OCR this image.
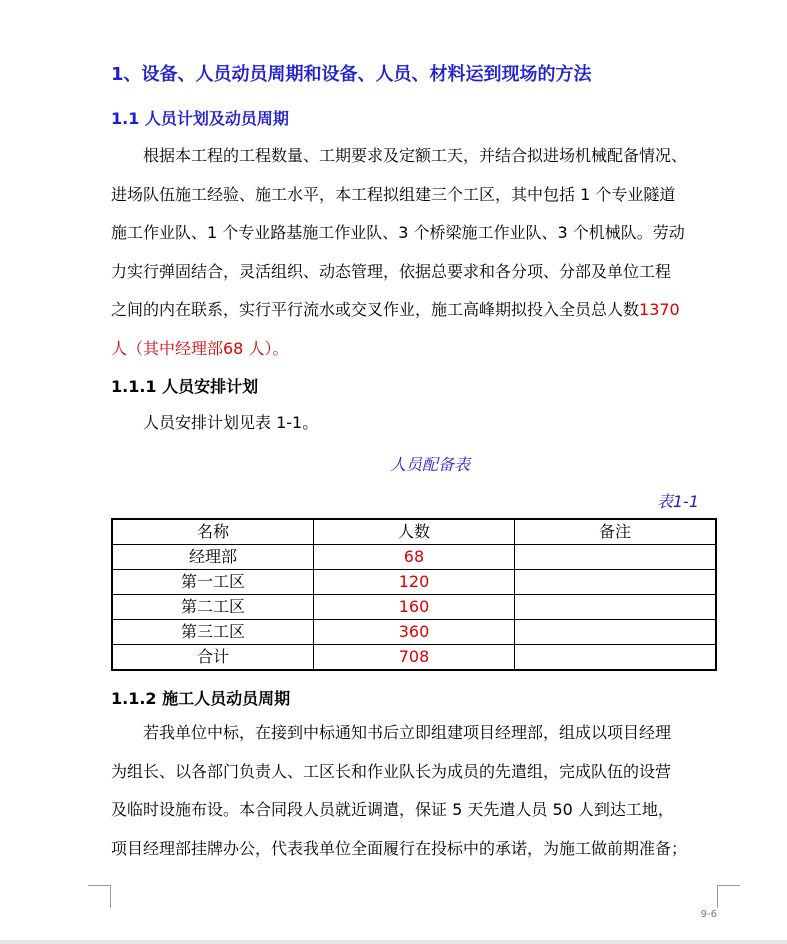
1、设备、人员动员周期和设备、人员、材料运到现场的方法
1.1 人员计划及动员周期
根据本工程的工程数量、工期要求及定额工天，并结合拟进场机械配备情况、
进场队伍施工经验、施工水平，本工程拟组建三个工区，其中包括 1 个专业隧道
施工作业队、1 个专业路基施工作业队、3 个桥梁施工作业队、3 个机械队。劳动
力实行弹固结合，灵活组织、动态管理，依据总要求和各分项、分部及单位工程
之间的内在联系，实行平行流水或交叉作业，施工高峰期拟投入全员总人数1370
人（其中经理部68 人）。
1.1.1 人员安排计划
人员安排计划见表 1-1。
人员配备表
表1-1
名称	人数	备注
经理部	68	
第一工区	120	
第二工区	160	
第三工区	360	
合计	708	
1.1.2 施工人员动员周期
若我单位中标，在接到中标通知书后立即组建项目经理部，组成以项目经理
为组长、以各部门负责人、工区长和作业队长为成员的先遣组，完成队伍的设营
及临时设施布设。本合同段人员就近调遣，保证 5 天先遣人员 50 人到达工地，
项目经理部挂牌办公，代表我单位全面履行在投标中的承诺，为施工做前期准备；
9-6
